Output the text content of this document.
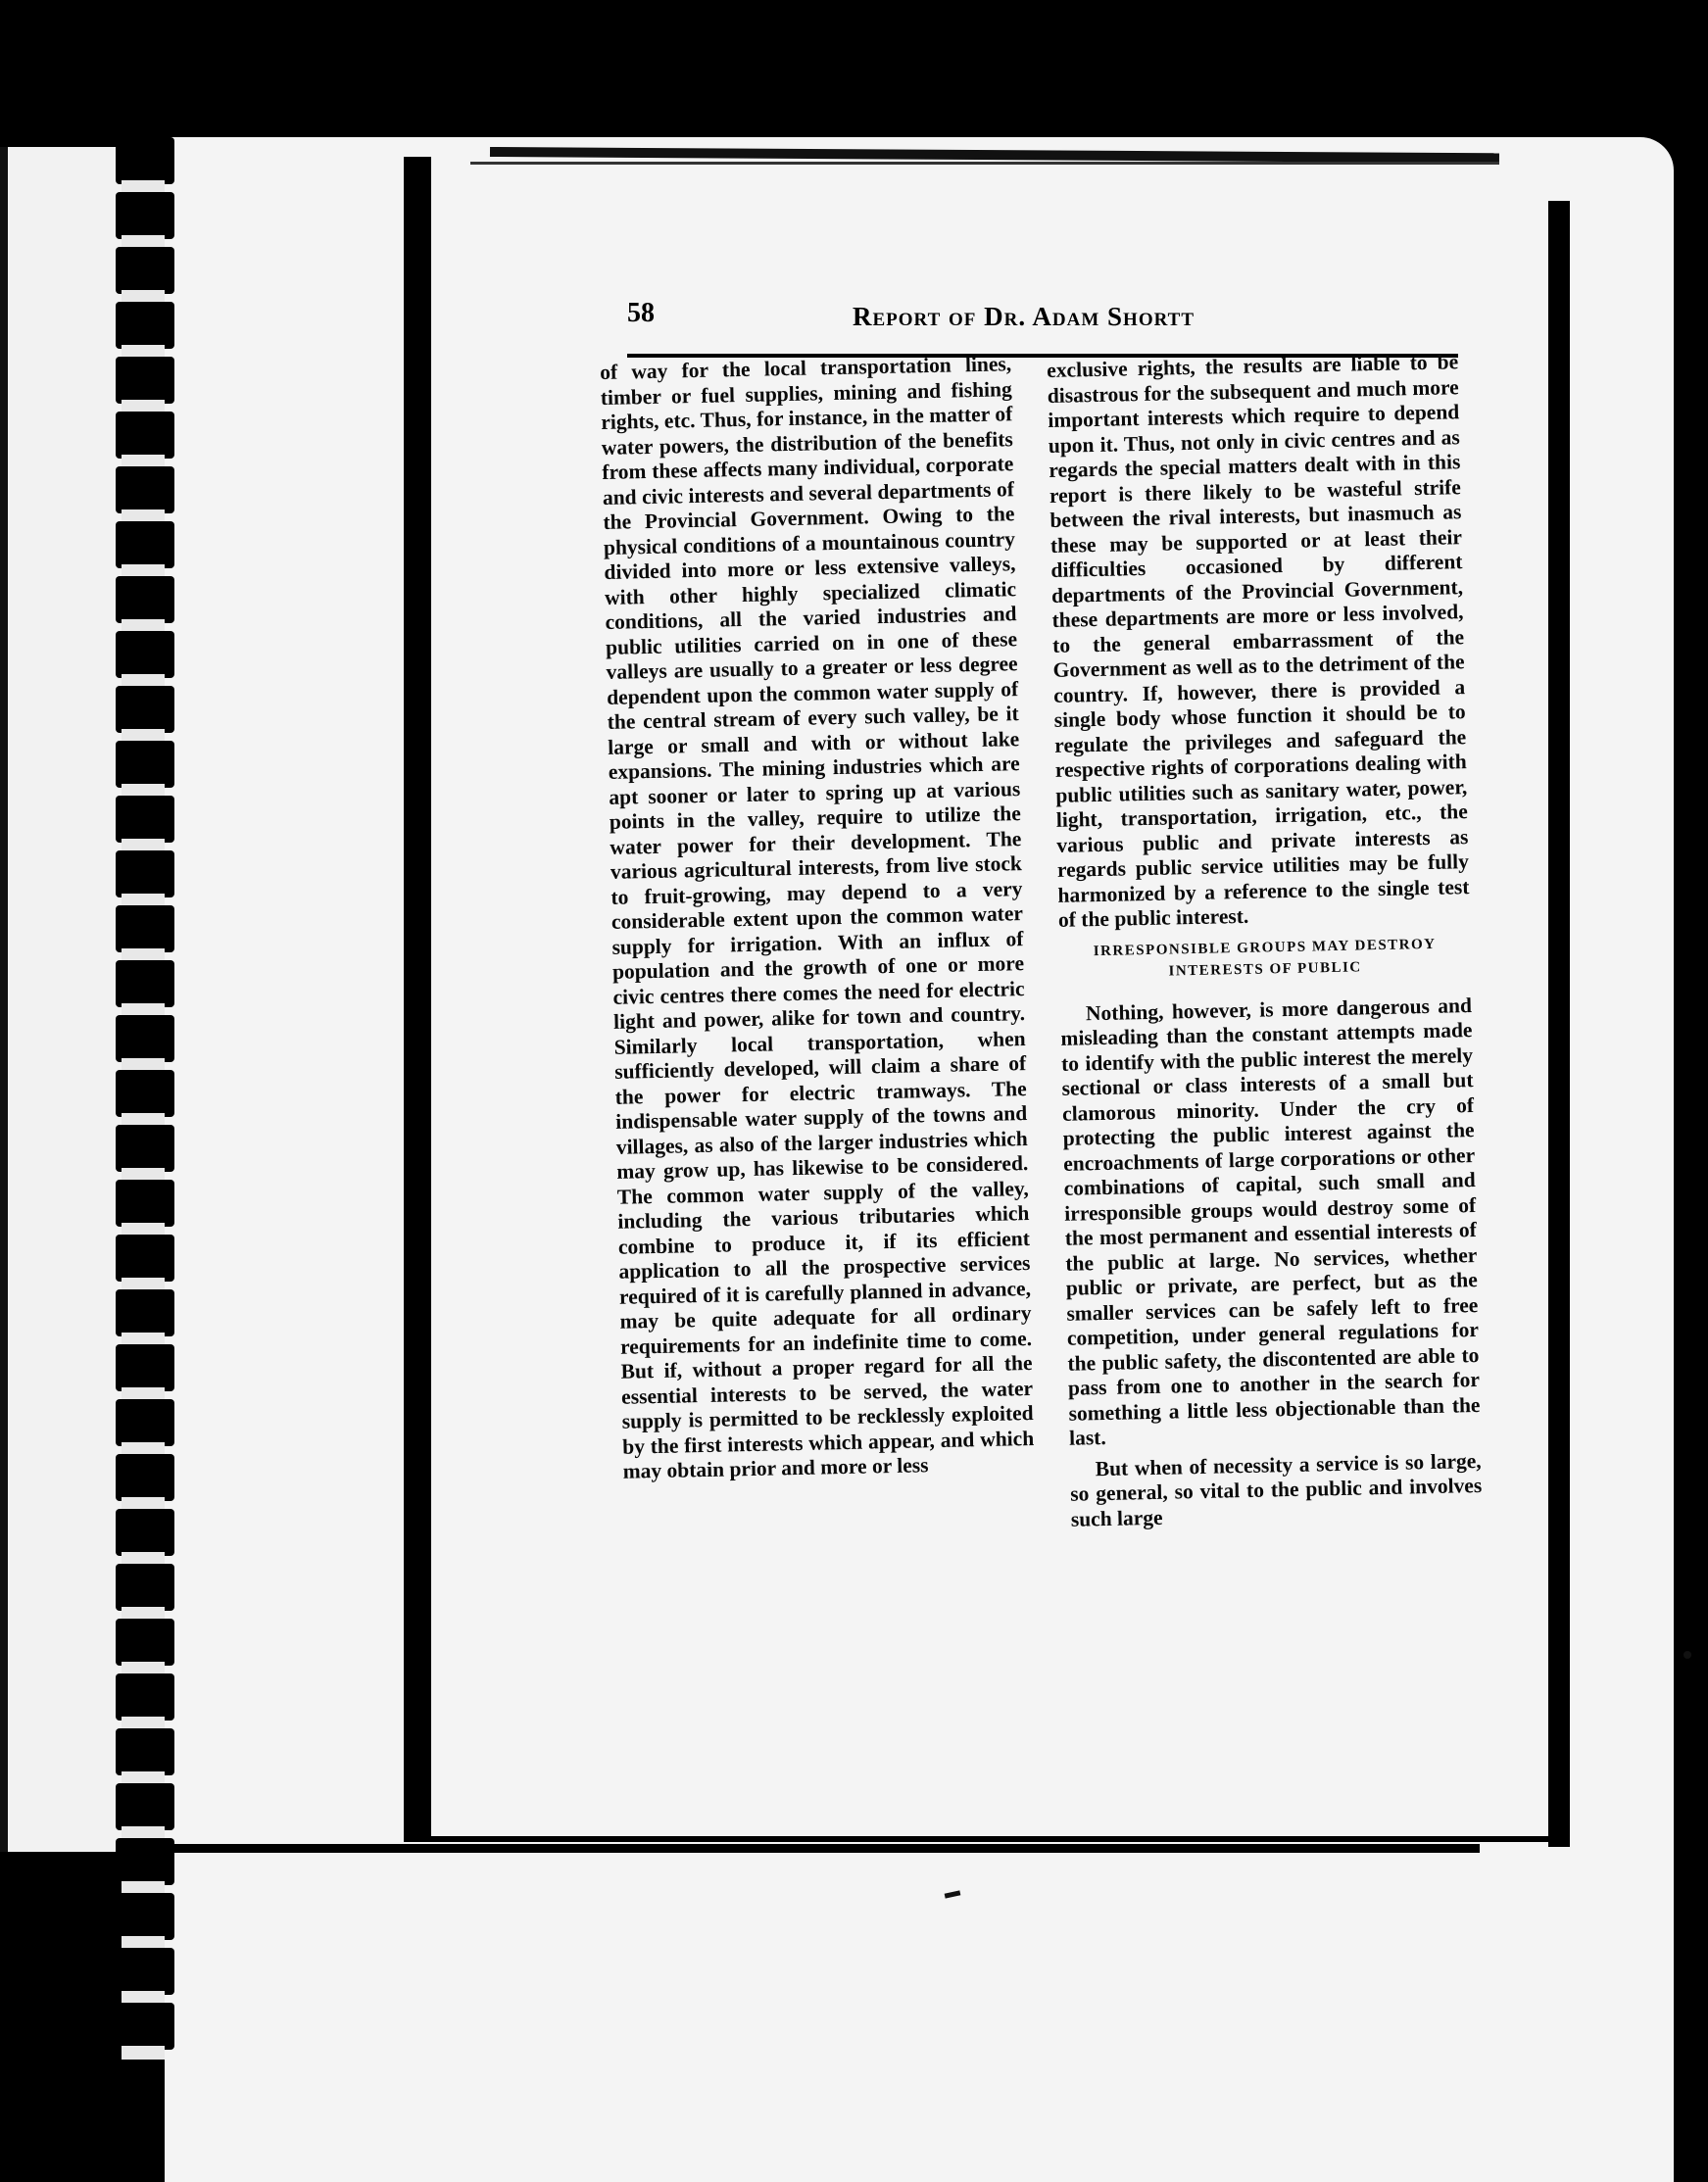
58	Report of Dr. Adam Shortt

of way for the local transportation lines, timber or fuel supplies, mining and fishing rights, etc. Thus, for instance, in the matter of water powers, the distribution of the benefits from these affects many individual, corporate and civic interests and several departments of the Provincial Government. Owing to the physical conditions of a mountainous country divided into more or less extensive valleys, with other highly specialized climatic conditions, all the varied industries and public utilities carried on in one of these valleys are usually to a greater or less degree dependent upon the common water supply of the central stream of every such valley, be it large or small and with or without lake expansions. The mining industries which are apt sooner or later to spring up at various points in the valley, require to utilize the water power for their development. The various agricultural interests, from live stock to fruit-growing, may depend to a very considerable extent upon the common water supply for irrigation. With an influx of population and the growth of one or more civic centres there comes the need for electric light and power, alike for town and country. Similarly local transportation, when sufficiently developed, will claim a share of the power for electric tramways. The indispensable water supply of the towns and villages, as also of the larger industries which may grow up, has likewise to be considered. The common water supply of the valley, including the various tributaries which combine to produce it, if its efficient application to all the prospective services required of it is carefully planned in advance, may be quite adequate for all ordinary requirements for an indefinite time to come. But if, without a proper regard for all the essential interests to be served, the water supply is permitted to be recklessly exploited by the first interests which appear, and which may obtain prior and more or less

exclusive rights, the results are liable to be disastrous for the subsequent and much more important interests which require to depend upon it. Thus, not only in civic centres and as regards the special matters dealt with in this report is there likely to be wasteful strife between the rival interests, but inasmuch as these may be supported or at least their difficulties occasioned by different departments of the Provincial Government, these departments are more or less involved, to the general embarrassment of the Government as well as to the detriment of the country. If, however, there is provided a single body whose function it should be to regulate the privileges and safeguard the respective rights of corporations dealing with public utilities such as sanitary water, power, light, transportation, irrigation, etc., the various public and private interests as regards public service utilities may be fully harmonized by a reference to the single test of the public interest.

IRRESPONSIBLE GROUPS MAY DESTROY
INTERESTS OF PUBLIC

Nothing, however, is more dangerous and misleading than the constant attempts made to identify with the public interest the merely sectional or class interests of a small but clamorous minority. Under the cry of protecting the public interest against the encroachments of large corporations or other combinations of capital, such small and irresponsible groups would destroy some of the most permanent and essential interests of the public at large. No services, whether public or private, are perfect, but as the smaller services can be safely left to free competition, under general regulations for the public safety, the discontented are able to pass from one to another in the search for something a little less objectionable than the last.

But when of necessity a service is so large, so general, so vital to the public and involves such large
